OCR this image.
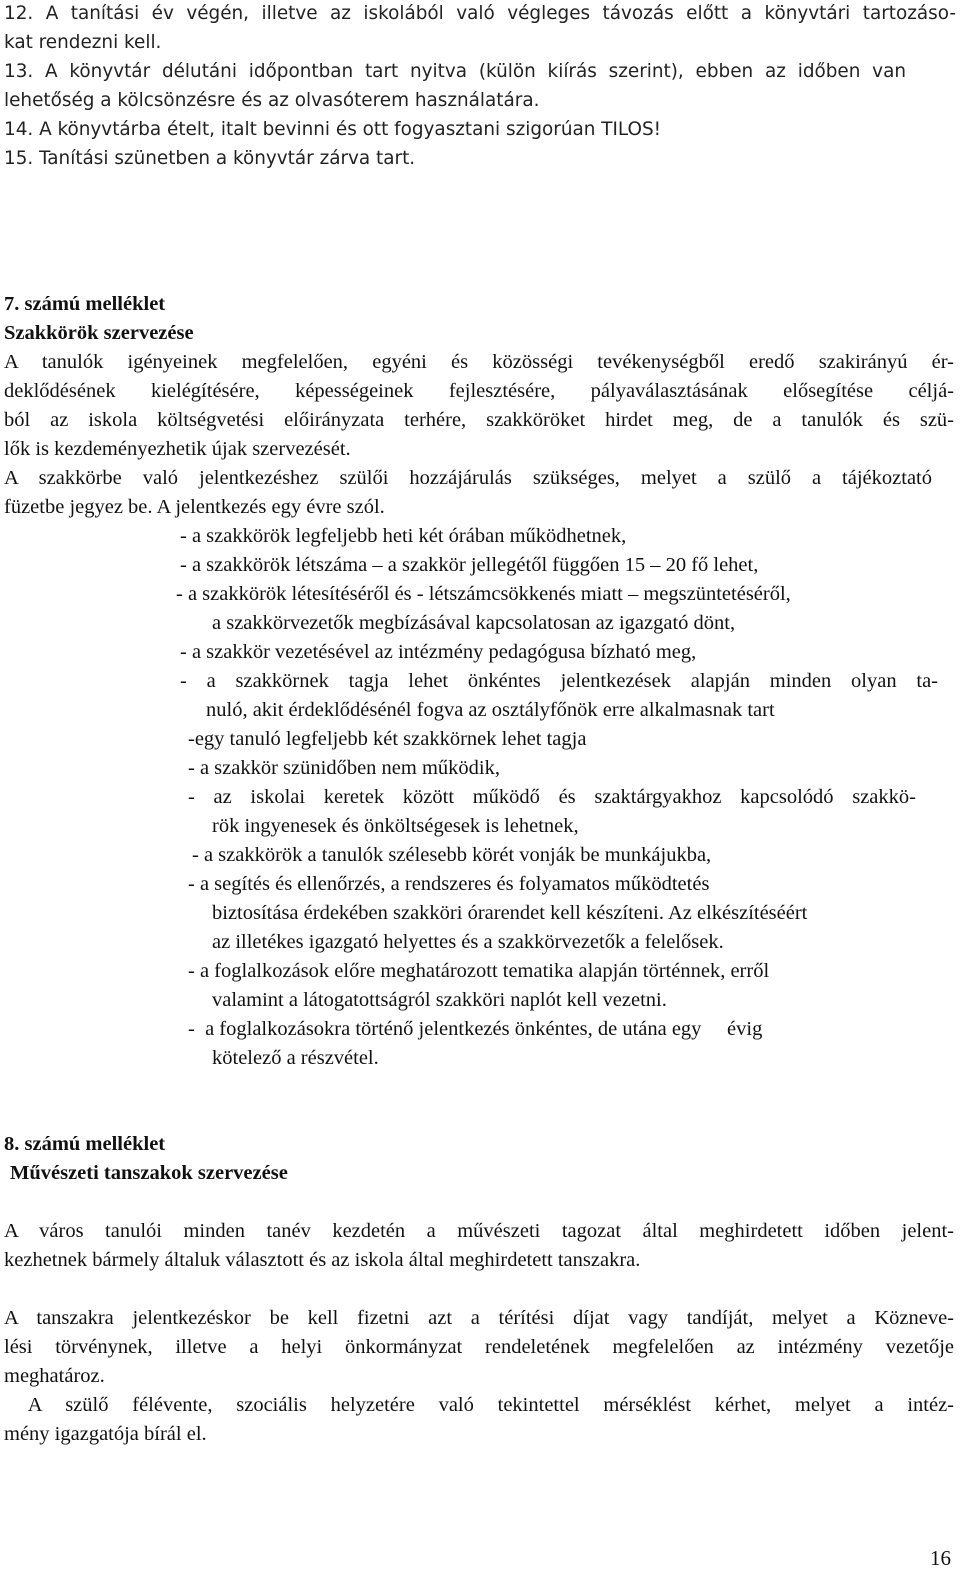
12. A tanítási év végén, illetve az iskolából való végleges távozás előtt a könyvtári tartozáso-
kat rendezni kell.
13. A könyvtár délutáni időpontban tart nyitva (külön kiírás szerint), ebben az időben van
lehetőség a kölcsönzésre és az olvasóterem használatára.
14. A könyvtárba ételt, italt bevinni és ott fogyasztani szigorúan TILOS!
15. Tanítási szünetben a könyvtár zárva tart.
7. számú melléklet
Szakkörök szervezése
A tanulók igényeinek megfelelően, egyéni és közösségi tevékenységből eredő szakirányú ér-
deklődésének kielégítésére, képességeinek fejlesztésére, pályaválasztásának elősegítése céljá-
ból az iskola költségvetési előirányzata terhére, szakköröket hirdet meg, de a tanulók és szü-
lők is kezdeményezhetik újak szervezését.
A szakkörbe való jelentkezéshez szülői hozzájárulás szükséges, melyet a szülő a tájékoztató
füzetbe jegyez be. A jelentkezés egy évre szól.
- a szakkörök legfeljebb heti két órában működhetnek,
- a szakkörök létszáma – a szakkör jellegétől függően 15 – 20 fő lehet,
- a szakkörök létesítéséről és - létszámcsökkenés miatt – megszüntetéséről,
a szakkörvezetők megbízásával kapcsolatosan az igazgató dönt,
- a szakkör vezetésével az intézmény pedagógusa bízható meg,
- a szakkörnek tagja lehet önkéntes jelentkezések alapján minden olyan ta-
nuló, akit érdeklődésénél fogva az osztályfőnök erre alkalmasnak tart
-egy tanuló legfeljebb két szakkörnek lehet tagja
- a szakkör szünidőben nem működik,
- az iskolai keretek között működő és szaktárgyakhoz kapcsolódó szakkö-
rök ingyenesek és önköltségesek is lehetnek,
- a szakkörök a tanulók szélesebb körét vonják be munkájukba,
- a segítés és ellenőrzés, a rendszeres és folyamatos működtetés
biztosítása érdekében szakköri órarendet kell készíteni. Az elkészítéséért
az illetékes igazgató helyettes és a szakkörvezetők a felelősek.
- a foglalkozások előre meghatározott tematika alapján történnek, erről
valamint a látogatottságról szakköri naplót kell vezetni.
-  a foglalkozásokra történő jelentkezés önkéntes, de utána egy     évig
kötelező a részvétel.
8. számú melléklet
Művészeti tanszakok szervezése
A város tanulói minden tanév kezdetén a művészeti tagozat által meghirdetett időben jelent-
kezhetnek bármely általuk választott és az iskola által meghirdetett tanszakra.
A tanszakra jelentkezéskor be kell fizetni azt a térítési díjat vagy tandíját, melyet a Közneve-
lési törvénynek, illetve a helyi önkormányzat rendeletének megfelelően az intézmény vezetője
meghatároz.
A szülő félévente, szociális helyzetére való tekintettel mérséklést kérhet, melyet a intéz-
mény igazgatója bírál el.
16
